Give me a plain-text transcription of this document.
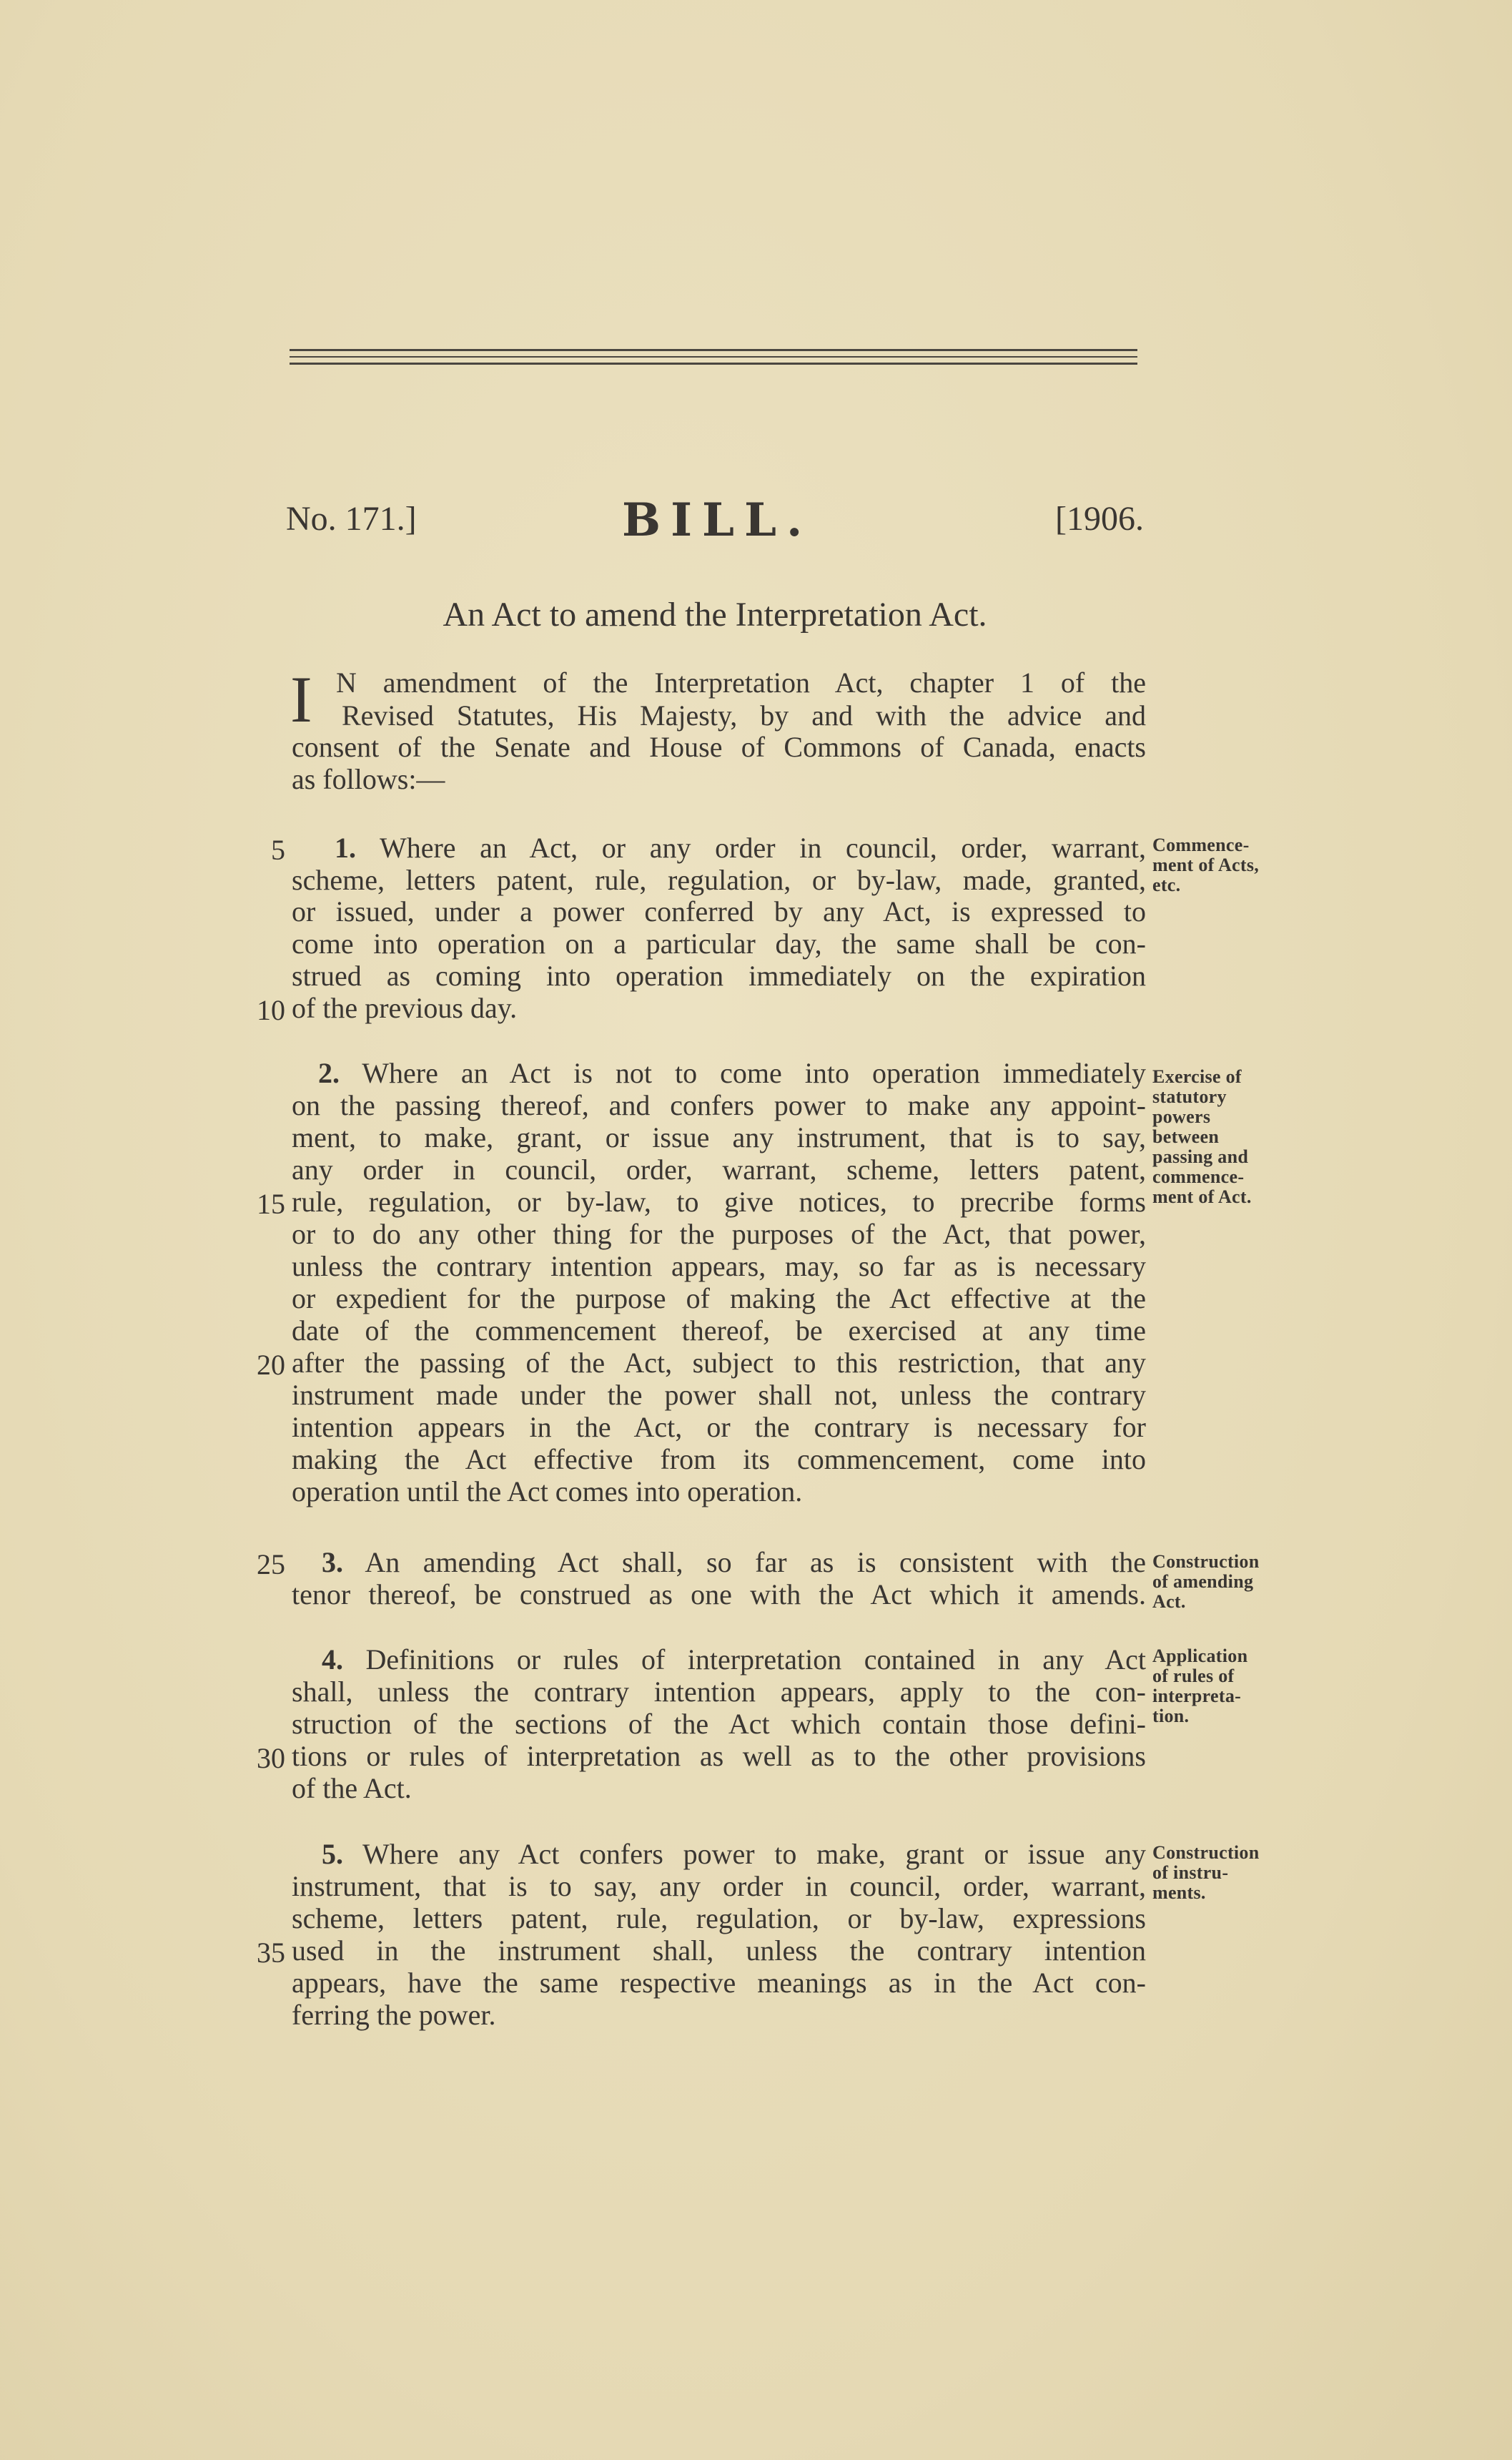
No. 171.]	BILL.	[1906.
An Act to amend the Interpretation Act.
I N amendment of the Interpretation Act, chapter 1 of the
Revised Statutes, His Majesty, by and with the advice and
consent of the Senate and House of Commons of Canada, enacts
as follows:—
1. Where an Act, or any order in council, order, warrant,
scheme, letters patent, rule, regulation, or by-law, made, granted,
or issued, under a power conferred by any Act, is expressed to
come into operation on a particular day, the same shall be con-
strued as coming into operation immediately on the expiration
of the previous day.
2. Where an Act is not to come into operation immediately
on the passing thereof, and confers power to make any appoint-
ment, to make, grant, or issue any instrument, that is to say,
any order in council, order, warrant, scheme, letters patent,
rule, regulation, or by-law, to give notices, to precribe forms
or to do any other thing for the purposes of the Act, that power,
unless the contrary intention appears, may, so far as is necessary
or expedient for the purpose of making the Act effective at the
date of the commencement thereof, be exercised at any time
after the passing of the Act, subject to this restriction, that any
instrument made under the power shall not, unless the contrary
intention appears in the Act, or the contrary is necessary for
making the Act effective from its commencement, come into
operation until the Act comes into operation.
3. An amending Act shall, so far as is consistent with the
tenor thereof, be construed as one with the Act which it amends.
4. Definitions or rules of interpretation contained in any Act
shall, unless the contrary intention appears, apply to the con-
struction of the sections of the Act which contain those defini-
tions or rules of interpretation as well as to the other provisions
of the Act.
5. Where any Act confers power to make, grant or issue any
instrument, that is to say, any order in council, order, warrant,
scheme, letters patent, rule, regulation, or by-law, expressions
used in the instrument shall, unless the contrary intention
appears, have the same respective meanings as in the Act con-
ferring the power.
5
10
15
20
25
30
35
Commence-
ment of Acts,
etc.
Exercise of
statutory
powers
between
passing and
commence-
ment of Act.
Construction
of amending
Act.
Application
of rules of
interpreta-
tion.
Construction
of instru-
ments.
